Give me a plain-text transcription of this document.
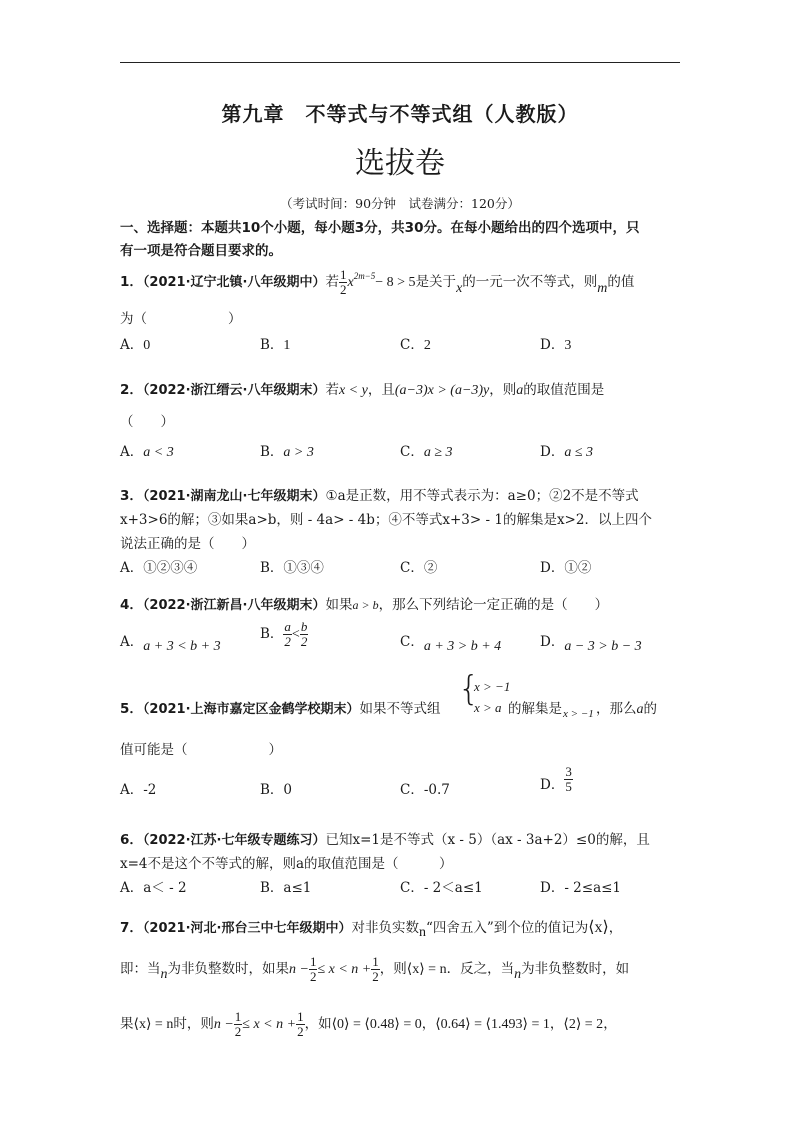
第九章　不等式与不等式组（人教版）
选拔卷
（考试时间：90分钟　试卷满分：120分）
一、选择题：本题共10个小题，每小题3分，共30分。在每小题给出的四个选项中，只
有一项是符合题目要求的。
1．（2021·辽宁北镇·八年级期中）若 $\frac{1}{2} x^{2m-5}- 8 > 5$是关于x的一元一次不等式，则m的值
为（　　　　　　）
A．0	B．1	C．2	D．3
2．（2022·浙江缙云·八年级期末）若x < y，且(a−3)x > (a−3)y，则a的取值范围是
（　　）
A．a < 3	B．a > 3	C．a ≥ 3	D．a ≤ 3
3．（2021·湖南龙山·七年级期末）①a是正数，用不等式表示为：a≥0；②2不是不等式
x+3>6的解；③如果a>b，则 - 4a> - 4b；④不等式x+3> - 1的解集是x>2．以上四个
说法正确的是（　　）
A．①②③④	B．①③④	C．②	D．①②
4．（2022·浙江新昌·八年级期末）如果a > b，那么下列结论一定正确的是（　　）
A．a + 3 < b + 3
B． $\frac{a}{2} < \frac{b}{2}$	C．a + 3 > b + 4	D．a − 3 > b − 3
5．（2021·上海市嘉定区金鹤学校期末）如果不等式组 {
x > −1
x > a 的解集是 x > −1 ，那么a的
值可能是（　　　　　　）
A．-2	B．0	C．-0.7	D． $\frac{3}{5}$
6．（2022·江苏·七年级专题练习）已知x=1是不等式（x - 5）（ax - 3a+2）≤0的解，且
x=4不是这个不等式的解，则a的取值范围是（　　　）
A．a＜ - 2	B．a≤1	C．- 2＜a≤1	D．- 2≤a≤1
7．（2021·河北·邢台三中七年级期中）对非负实数n“四舍五入”到个位的值记为⟨x⟩，
即：当n为非负整数时，如果$n - \frac{1}{2} \le x < n + \frac{1}{2}$ ，则⟨x⟩ = n．反之，当n为非负整数时，如
果⟨x⟩ = n时，则$n - \frac{1}{2} \le x < n + \frac{1}{2}$ ，如⟨0⟩ = ⟨0.48⟩ = 0，⟨0.64⟩ = ⟨1.493⟩ = 1，⟨2⟩ = 2，
